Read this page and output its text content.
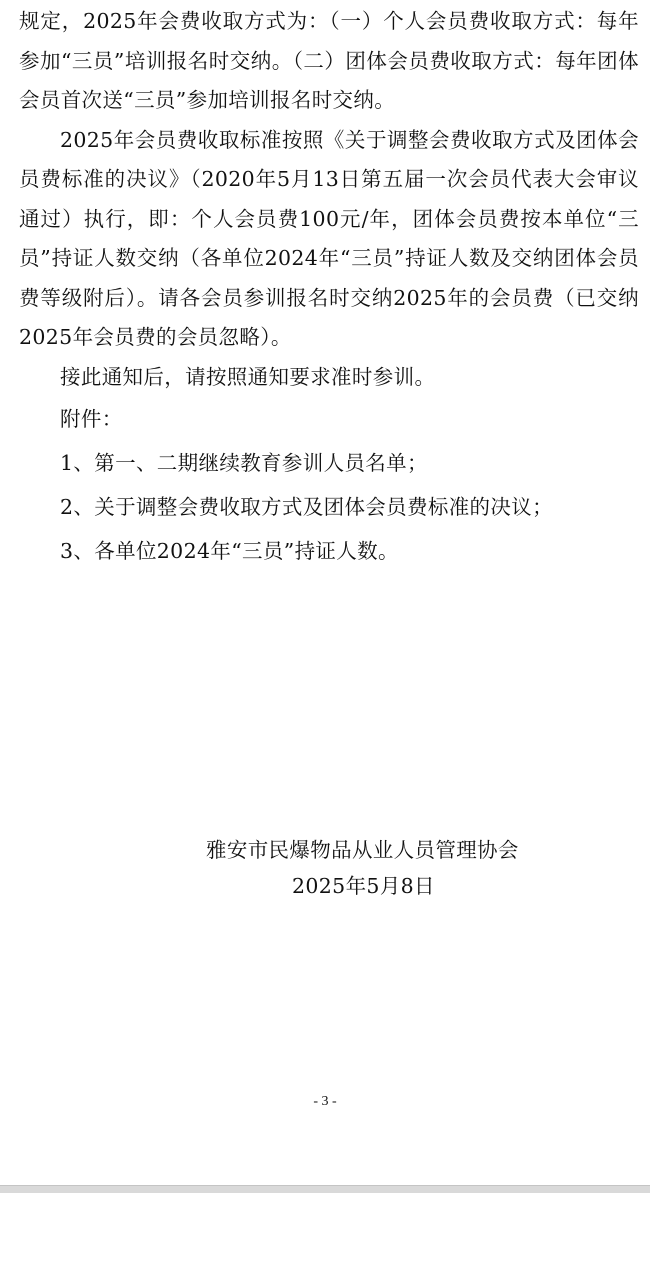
规定，2025年会费收取方式为：（一）个人会员费收取方式：每年参加“三员”培训报名时交纳。（二）团体会员费收取方式：每年团体会员首次送“三员”参加培训报名时交纳。

2025年会员费收取标准按照《关于调整会费收取方式及团体会员费标准的决议》（2020年5月13日第五届一次会员代表大会审议通过）执行，即：个人会员费100元/年，团体会员费按本单位“三员”持证人数交纳（各单位2024年“三员”持证人数及交纳团体会员费等级附后）。请各会员参训报名时交纳2025年的会员费（已交纳2025年会员费的会员忽略）。

接此通知后，请按照通知要求准时参训。

附件：

1、第一、二期继续教育参训人员名单；

2、关于调整会费收取方式及团体会员费标准的决议；

3、各单位2024年“三员”持证人数。

雅安市民爆物品从业人员管理协会
2025年5月8日
- 3 -
